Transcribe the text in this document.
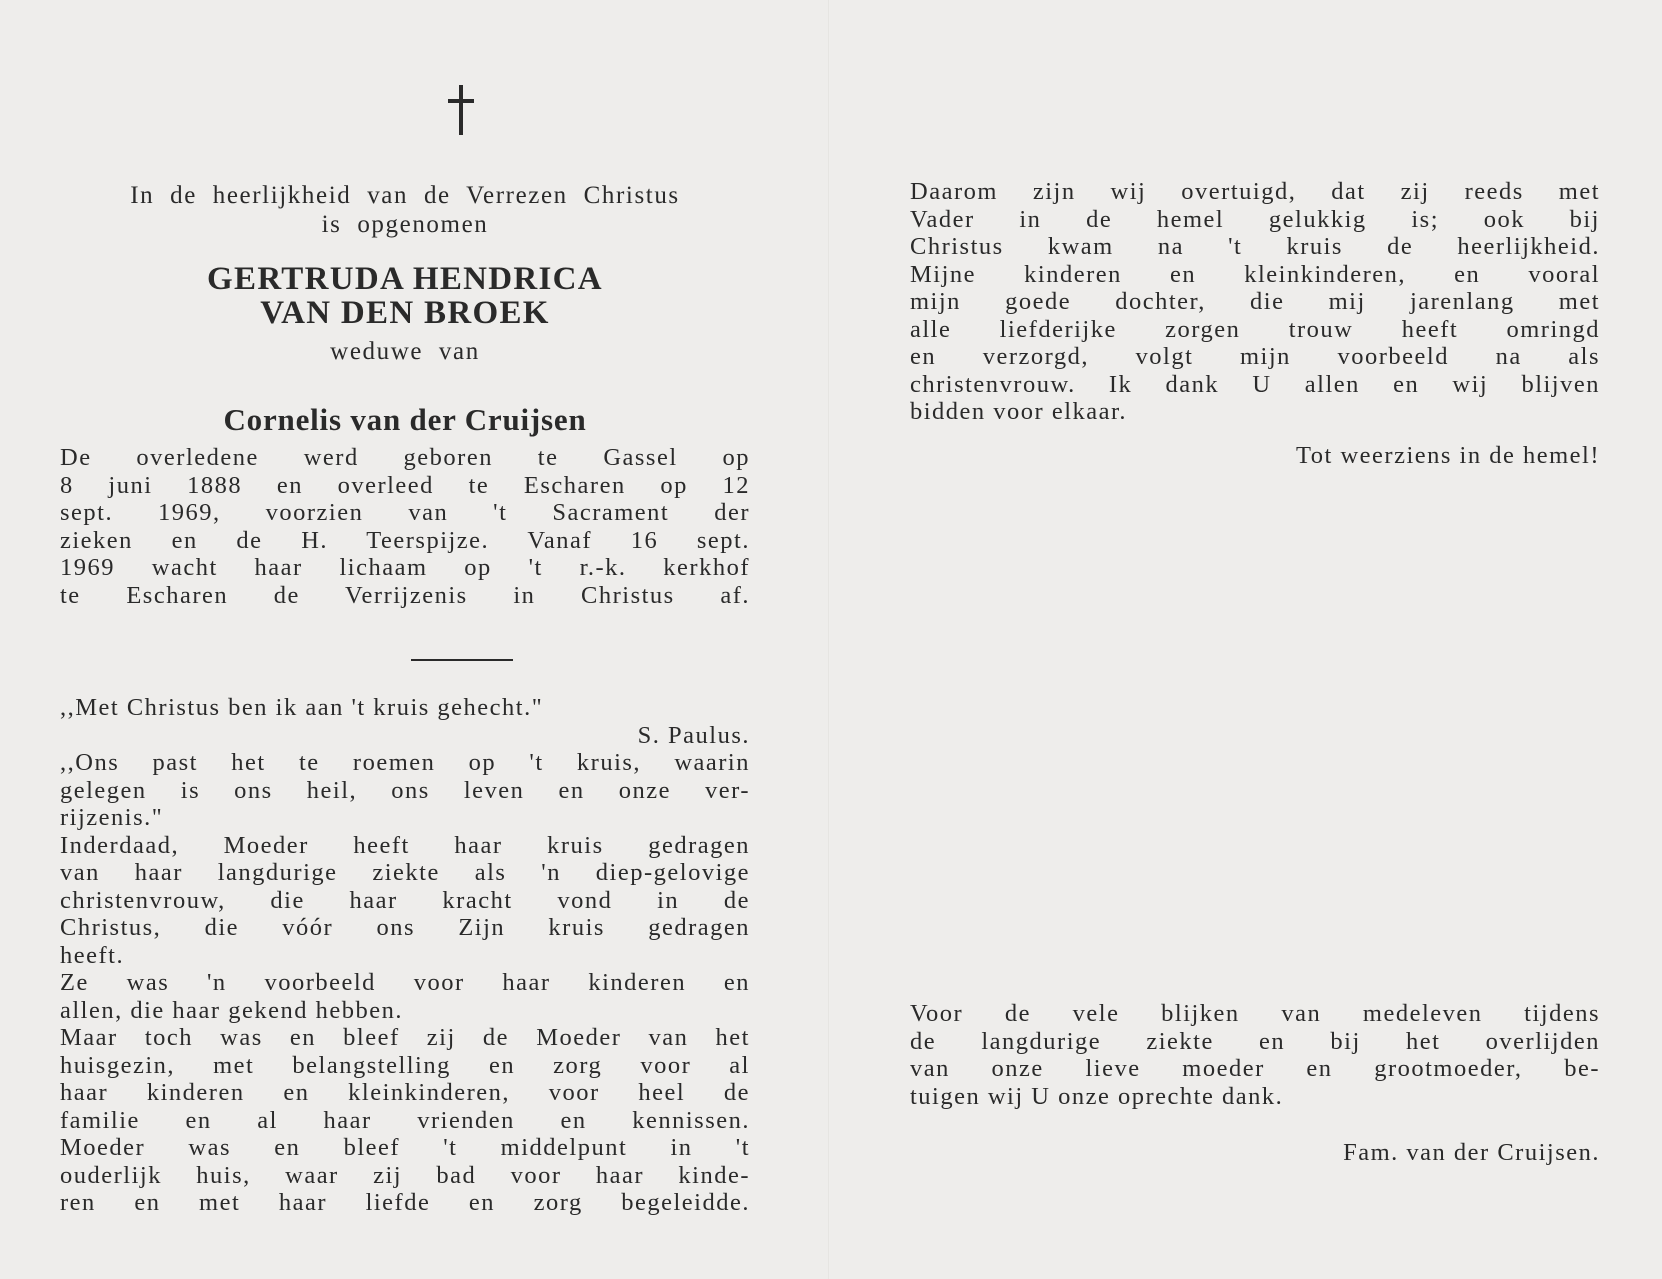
In de heerlijkheid van de Verrezen Christus
is opgenomen
GERTRUDA HENDRICA
VAN DEN BROEK
weduwe van
Cornelis van der Cruijsen
De overledene werd geboren te Gassel op
8 juni 1888 en overleed te Escharen op 12
sept. 1969, voorzien van 't Sacrament der
zieken en de H. Teerspijze. Vanaf 16 sept.
1969 wacht haar lichaam op 't r.-k. kerkhof
te Escharen de Verrijzenis in Christus af.
,,Met Christus ben ik aan 't kruis gehecht."
S. Paulus.
,,Ons past het te roemen op 't kruis, waarin
gelegen is ons heil, ons leven en onze ver-
rijzenis."
Inderdaad, Moeder heeft haar kruis gedragen
van haar langdurige ziekte als 'n diep-gelovige
christenvrouw, die haar kracht vond in de
Christus, die vóór ons Zijn kruis gedragen
heeft.
Ze was 'n voorbeeld voor haar kinderen en
allen, die haar gekend hebben.
Maar toch was en bleef zij de Moeder van het
huisgezin, met belangstelling en zorg voor al
haar kinderen en kleinkinderen, voor heel de
familie en al haar vrienden en kennissen.
Moeder was en bleef 't middelpunt in 't
ouderlijk huis, waar zij bad voor haar kinde-
ren en met haar liefde en zorg begeleidde.
Daarom zijn wij overtuigd, dat zij reeds met
Vader in de hemel gelukkig is; ook bij
Christus kwam na 't kruis de heerlijkheid.
Mijne kinderen en kleinkinderen, en vooral
mijn goede dochter, die mij jarenlang met
alle liefderijke zorgen trouw heeft omringd
en verzorgd, volgt mijn voorbeeld na als
christenvrouw. Ik dank U allen en wij blijven
bidden voor elkaar.
Tot weerziens in de hemel!
Voor de vele blijken van medeleven tijdens
de langdurige ziekte en bij het overlijden
van onze lieve moeder en grootmoeder, be-
tuigen wij U onze oprechte dank.
Fam. van der Cruijsen.
